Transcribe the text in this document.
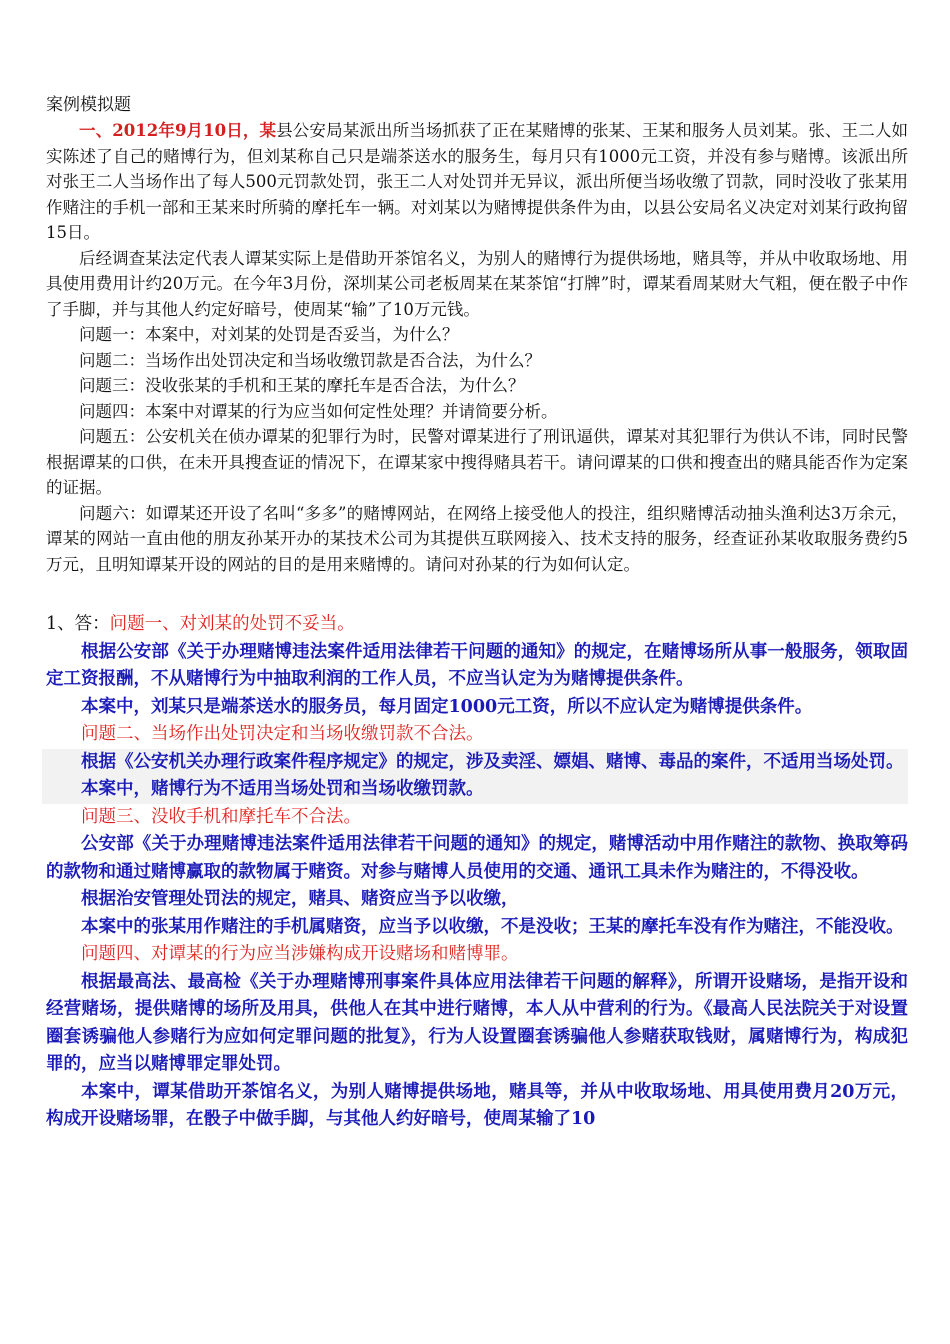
案例模拟题

一、2012年9月10日，某县公安局某派出所当场抓获了正在某赌博的张某、王某和服务人员刘某。张、王二人如实陈述了自己的赌博行为，但刘某称自己只是端茶送水的服务生，每月只有1000元工资，并没有参与赌博。该派出所对张王二人当场作出了每人500元罚款处罚，张王二人对处罚并无异议，派出所便当场收缴了罚款，同时没收了张某用作赌注的手机一部和王某来时所骑的摩托车一辆。对刘某以为赌博提供条件为由，以县公安局名义决定对刘某行政拘留15日。

后经调查某法定代表人谭某实际上是借助开茶馆名义，为别人的赌博行为提供场地，赌具等，并从中收取场地、用具使用费用计约20万元。在今年3月份，深圳某公司老板周某在某茶馆“打牌”时，谭某看周某财大气粗，便在骰子中作了手脚，并与其他人约定好暗号，使周某“输”了10万元钱。

问题一：本案中，对刘某的处罚是否妥当，为什么？

问题二：当场作出处罚决定和当场收缴罚款是否合法，为什么？

问题三：没收张某的手机和王某的摩托车是否合法，为什么？

问题四：本案中对谭某的行为应当如何定性处理？并请简要分析。

问题五：公安机关在侦办谭某的犯罪行为时，民警对谭某进行了刑讯逼供，谭某对其犯罪行为供认不讳，同时民警根据谭某的口供，在未开具搜查证的情况下，在谭某家中搜得赌具若干。请问谭某的口供和搜查出的赌具能否作为定案的证据。

问题六：如谭某还开设了名叫“多多”的赌博网站，在网络上接受他人的投注，组织赌博活动抽头渔利达3万余元，谭某的网站一直由他的朋友孙某开办的某技术公司为其提供互联网接入、技术支持的服务，经查证孙某收取服务费约5万元，且明知谭某开设的网站的目的是用来赌博的。请问对孙某的行为如何认定。

1、答：问题一、对刘某的处罚不妥当。

根据公安部《关于办理赌博违法案件适用法律若干问题的通知》的规定，在赌博场所从事一般服务，领取固定工资报酬，不从赌博行为中抽取利润的工作人员，不应当认定为为赌博提供条件。

本案中，刘某只是端茶送水的服务员，每月固定1000元工资，所以不应认定为赌博提供条件。

问题二、当场作出处罚决定和当场收缴罚款不合法。

根据《公安机关办理行政案件程序规定》的规定，涉及卖淫、嫖娼、赌博、毒品的案件，不适用当场处罚。

本案中，赌博行为不适用当场处罚和当场收缴罚款。

问题三、没收手机和摩托车不合法。

公安部《关于办理赌博违法案件适用法律若干问题的通知》的规定，赌博活动中用作赌注的款物、换取筹码的款物和通过赌博赢取的款物属于赌资。对参与赌博人员使用的交通、通讯工具未作为赌注的，不得没收。

根据治安管理处罚法的规定，赌具、赌资应当予以收缴，

本案中的张某用作赌注的手机属赌资，应当予以收缴，不是没收；王某的摩托车没有作为赌注，不能没收。

问题四、对谭某的行为应当涉嫌构成开设赌场和赌博罪。

根据最高法、最高检《关于办理赌博刑事案件具体应用法律若干问题的解释》，所谓开设赌场，是指开设和经营赌场，提供赌博的场所及用具，供他人在其中进行赌博，本人从中营利的行为。《最高人民法院关于对设置圈套诱骗他人参赌行为应如何定罪问题的批复》，行为人设置圈套诱骗他人参赌获取钱财，属赌博行为，构成犯罪的，应当以赌博罪定罪处罚。

本案中，谭某借助开茶馆名义，为别人赌博提供场地，赌具等，并从中收取场地、用具使用费月20万元，构成开设赌场罪，在骰子中做手脚，与其他人约好暗号，使周某输了10
